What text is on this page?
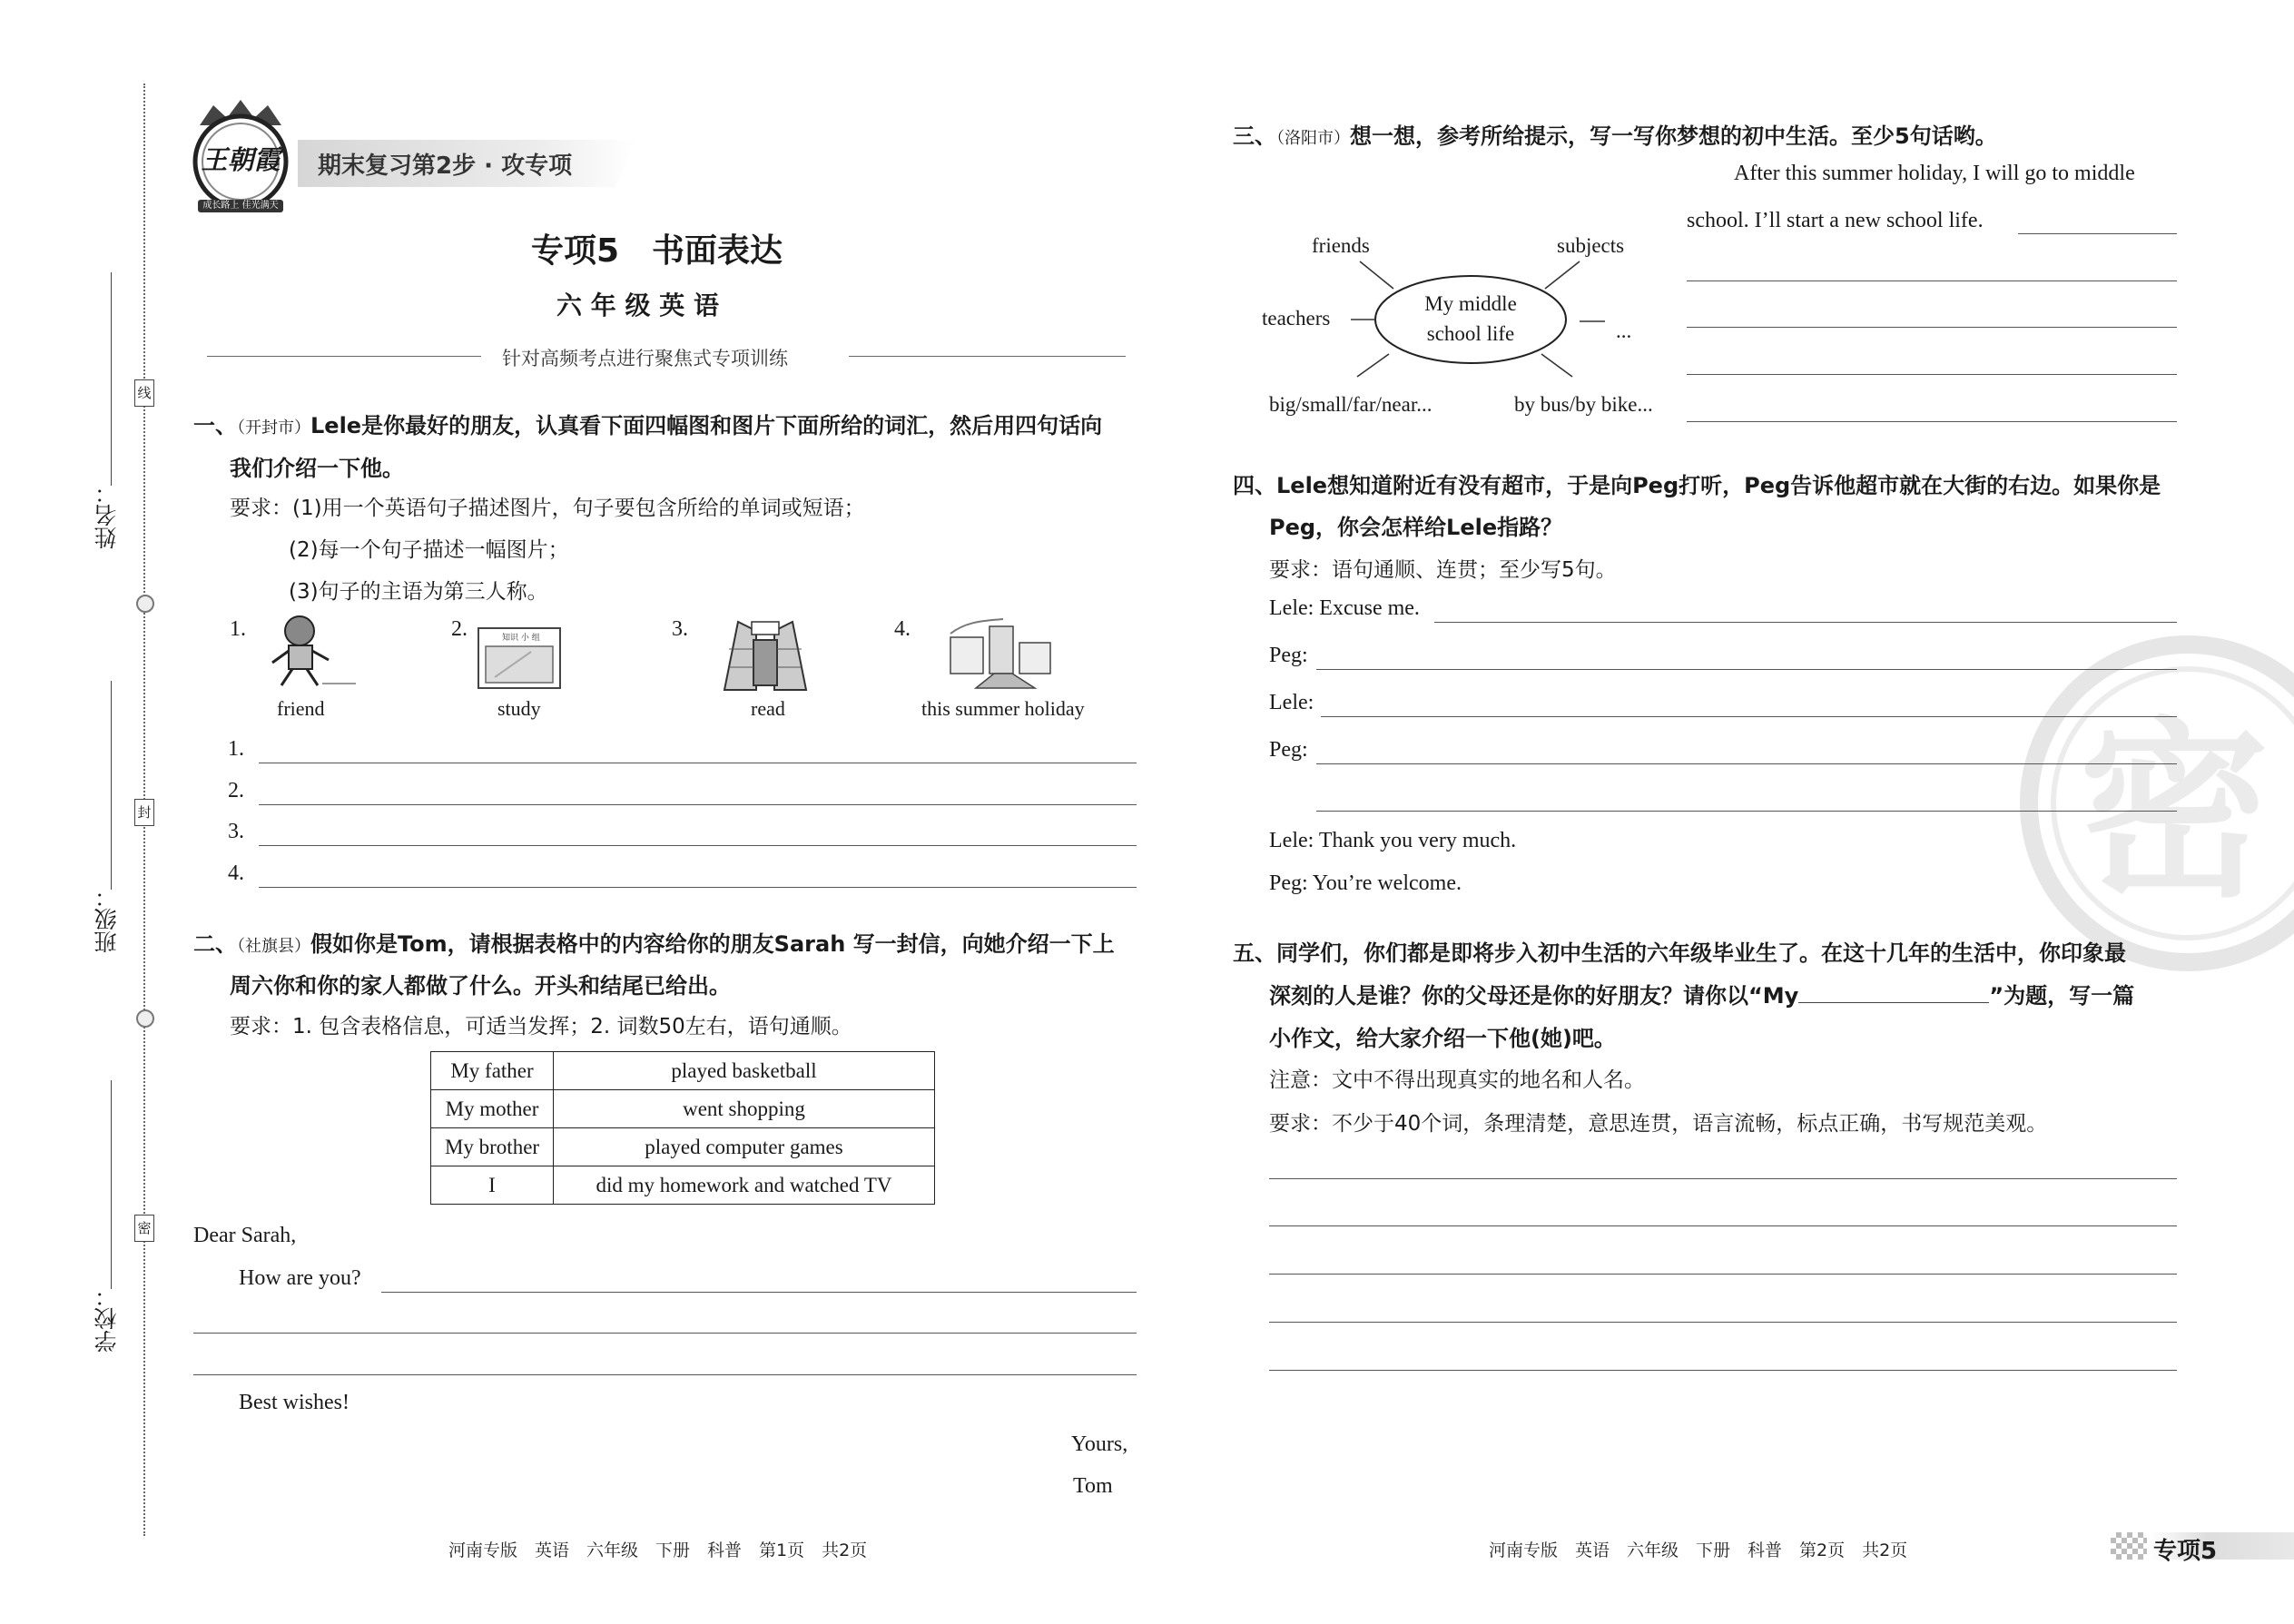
线
封
密
姓名：
班级：
学校：
王朝霞
成长路上 佳光满天
期末复习第2步 · 攻专项
专项5　书面表达
六 年 级 英 语
针对高频考点进行聚焦式专项训练
一、（开封市）Lele是你最好的朋友，认真看下面四幅图和图片下面所给的词汇，然后用四句话向
我们介绍一下他。
要求：(1)用一个英语句子描述图片，句子要包含所给的单词或短语；
(2)每一个句子描述一幅图片；
(3)句子的主语为第三人称。
1.
friend
2.	知识 小 组
study
3.
read
4.
this summer holiday
1.
2.
3.
4.
二、（社旗县）假如你是Tom，请根据表格中的内容给你的朋友Sarah 写一封信，向她介绍一下上
周六你和你的家人都做了什么。开头和结尾已给出。
要求：1. 包含表格信息，可适当发挥；2. 词数50左右，语句通顺。
My father	played basketball
My mother	went shopping
My brother	played computer games
I	did my homework and watched TV
Dear Sarah,
How are you?
Best wishes!
Yours,
Tom
河南专版　英语　六年级　下册　科普　第1页　共2页
密
三、（洛阳市）想一想，参考所给提示，写一写你梦想的初中生活。至少5句话哟。
My middle
school life
friends	subjects
teachers
...
big/small/far/near...	by bus/by bike...
After this summer holiday, I will go to middle
school. I’ll start a new school life.
四、Lele想知道附近有没有超市，于是向Peg打听，Peg告诉他超市就在大街的右边。如果你是
Peg，你会怎样给Lele指路？
要求：语句通顺、连贯；至少写5句。
Lele: Excuse me.
Peg:
Lele:
Peg:
Lele: Thank you very much.
Peg: You’re welcome.
五、同学们，你们都是即将步入初中生活的六年级毕业生了。在这十几年的生活中，你印象最
深刻的人是谁？你的父母还是你的好朋友？请你以“My	”为题，写一篇
小作文，给大家介绍一下他(她)吧。
注意：文中不得出现真实的地名和人名。
要求：不少于40个词，条理清楚，意思连贯，语言流畅，标点正确，书写规范美观。
河南专版　英语　六年级　下册　科普　第2页　共2页	专项5
